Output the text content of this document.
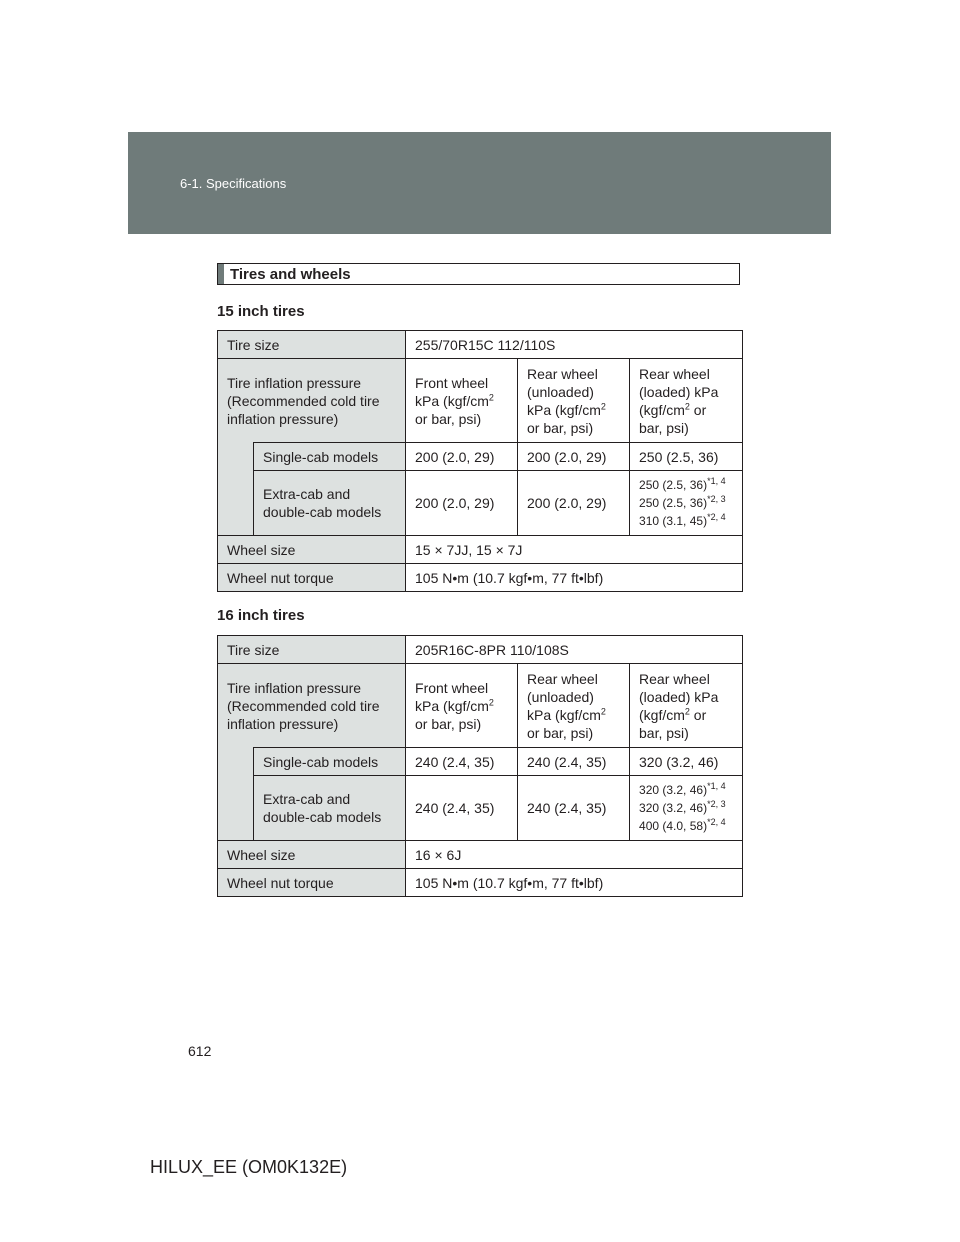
6-1. Specifications
Tires and wheels
15 inch tires
Tire size		255/70R15C 112/110S		
Tire inflation pressure (Recommended cold tire inflation pressure)		Front wheel kPa ($kgf/cm^2$ or bar, psi)	Rear wheel (unloaded) kPa ($kgf/cm^2$ or bar, psi)	Rear wheel (loaded) kPa ($kgf/cm^2$ or bar, psi)
	Single-cab models	200 (2.0, 29)	200 (2.0, 29)	250 (2.5, 36)
	Extra-cab and double-cab models	200 (2.0, 29)	200 (2.0, 29)	250 (2.5, 36)$^{*1, 4}$
250 (2.5, 36)$^{*2, 3}$
310 (3.1, 45)$^{*2, 4}$

Wheel size		15 × 7JJ, 15 × 7J		
Wheel nut torque		105 N•m (10.7 kgf•m, 77 ft•lbf)		
16 inch tires
Tire size		205R16C-8PR 110/108S		
Tire inflation pressure (Recommended cold tire inflation pressure)		Front wheel kPa ($kgf/cm^2$ or bar, psi)	Rear wheel (unloaded) kPa ($kgf/cm^2$ or bar, psi)	Rear wheel (loaded) kPa ($kgf/cm^2$ or bar, psi)
	Single-cab models	240 (2.4, 35)	240 (2.4, 35)	320 (3.2, 46)
	Extra-cab and double-cab models	240 (2.4, 35)	240 (2.4, 35)	320 (3.2, 46)$^{*1, 4}$
320 (3.2, 46)$^{*2, 3}$
400 (4.0, 58)$^{*2, 4}$

Wheel size		16 × 6J		
Wheel nut torque		105 N•m (10.7 kgf•m, 77 ft•lbf)		
612
HILUX_EE (OM0K132E)
